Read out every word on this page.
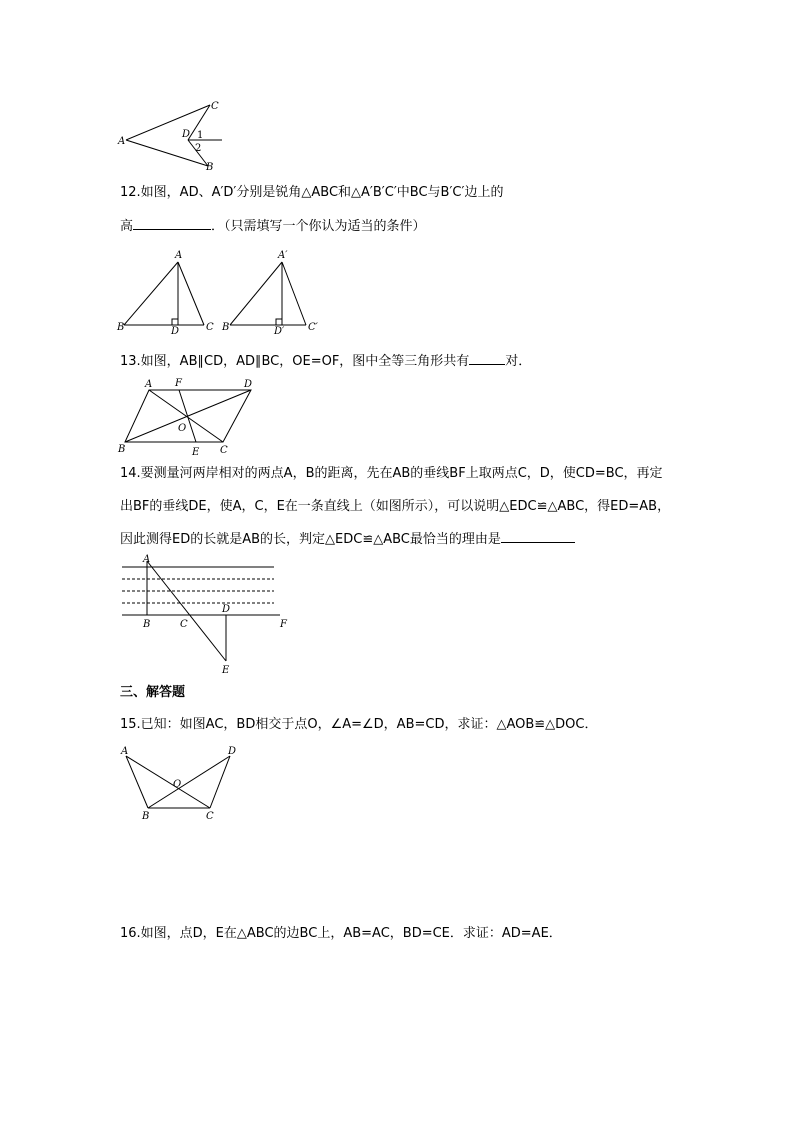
A
C
D 1
2
B
12.如图，AD、A′D′分别是锐角△ABC和△A′B′C′中BC与B′C′边上的
高	．（只需填写一个你认为适当的条件）
A
B	D	C
A′
B	D′ C′
13.如图，AB∥CD，AD∥BC，OE=OF，图中全等三角形共有	对．
A F	D
O
B	E C
14.要测量河两岸相对的两点A，B的距离，先在AB的垂线BF上取两点C，D，使CD=BC，再定
出BF的垂线DE，使A，C，E在一条直线上（如图所示），可以说明△EDC≌△ABC，得ED=AB，
因此测得ED的长就是AB的长，判定△EDC≌△ABC最恰当的理由是
A
D
B	C	F
E
三、解答题
15.已知：如图AC，BD相交于点O，∠A=∠D，AB=CD，求证：△AOB≌△DOC．
A	D
O
B	C
16.如图，点D，E在△ABC的边BC上，AB=AC，BD=CE．求证：AD=AE．
